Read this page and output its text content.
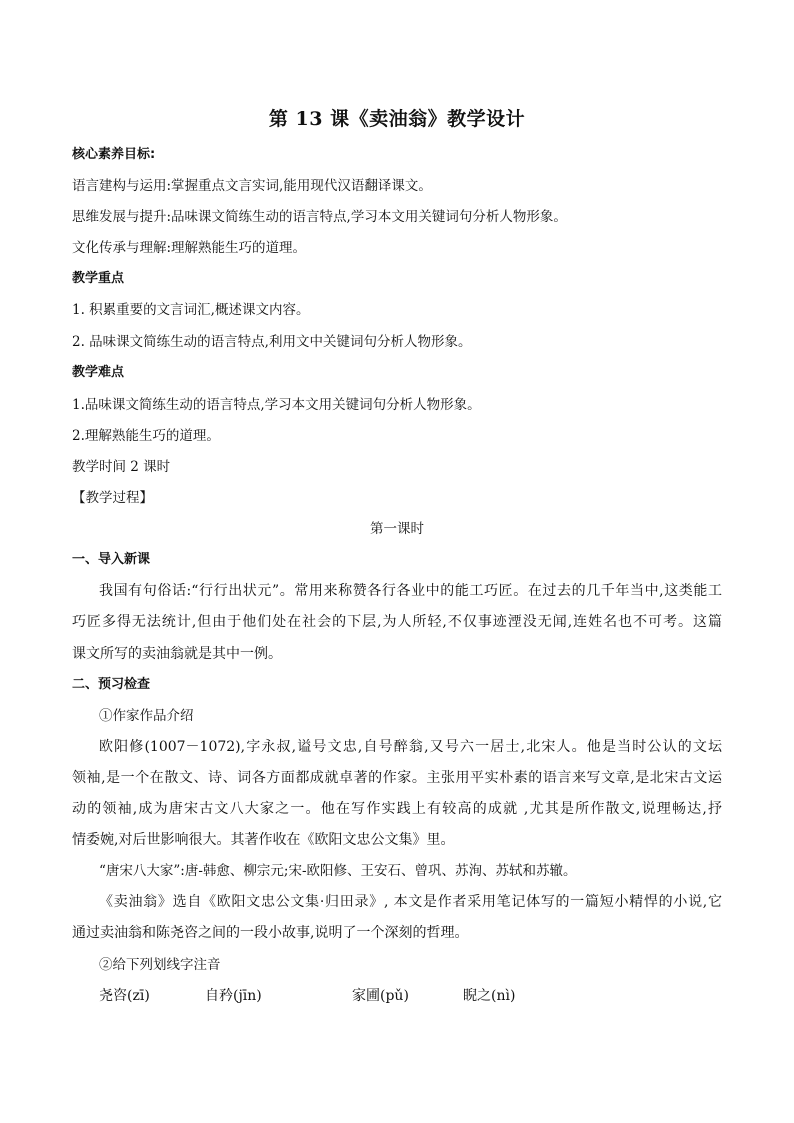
第 13 课《卖油翁》教学设计
核心素养目标:
语言建构与运用:掌握重点文言实词,能用现代汉语翻译课文。
思维发展与提升:品味课文简练生动的语言特点,学习本文用关键词句分析人物形象。
文化传承与理解:理解熟能生巧的道理。
教学重点
1. 积累重要的文言词汇,概述课文内容。
2. 品味课文简练生动的语言特点,利用文中关键词句分析人物形象。
教学难点
1.品味课文简练生动的语言特点,学习本文用关键词句分析人物形象。
2.理解熟能生巧的道理。
教学时间 2 课时
【教学过程】
第一课时
一、导入新课
我国有句俗话:“行行出状元”。常用来称赞各行各业中的能工巧匠。在过去的几千年当中,这类能工
巧匠多得无法统计,但由于他们处在社会的下层,为人所轻,不仅事迹湮没无闻,连姓名也不可考。这篇
课文所写的卖油翁就是其中一例。
二、预习检查
①作家作品介绍
欧阳修(1007－1072),字永叔,谥号文忠,自号醉翁,又号六一居士,北宋人。他是当时公认的文坛
领袖,是一个在散文、诗、词各方面都成就卓著的作家。主张用平实朴素的语言来写文章,是北宋古文运
动的领袖,成为唐宋古文八大家之一。他在写作实践上有较高的成就 ,尤其是所作散文,说理畅达,抒
情委婉,对后世影响很大。其著作收在《欧阳文忠公文集》里。
“唐宋八大家”:唐-韩愈、柳宗元;宋-欧阳修、王安石、曾巩、苏洵、苏轼和苏辙。
《卖油翁》选自《欧阳文忠公文集·归田录》, 本文是作者采用笔记体写的一篇短小精悍的小说,它
通过卖油翁和陈尧咨之间的一段小故事,说明了一个深刻的哲理。
②给下列划线字注音
尧咨(zī)	自矜(jīn)	家圃(pǔ)	睨之(nì)
